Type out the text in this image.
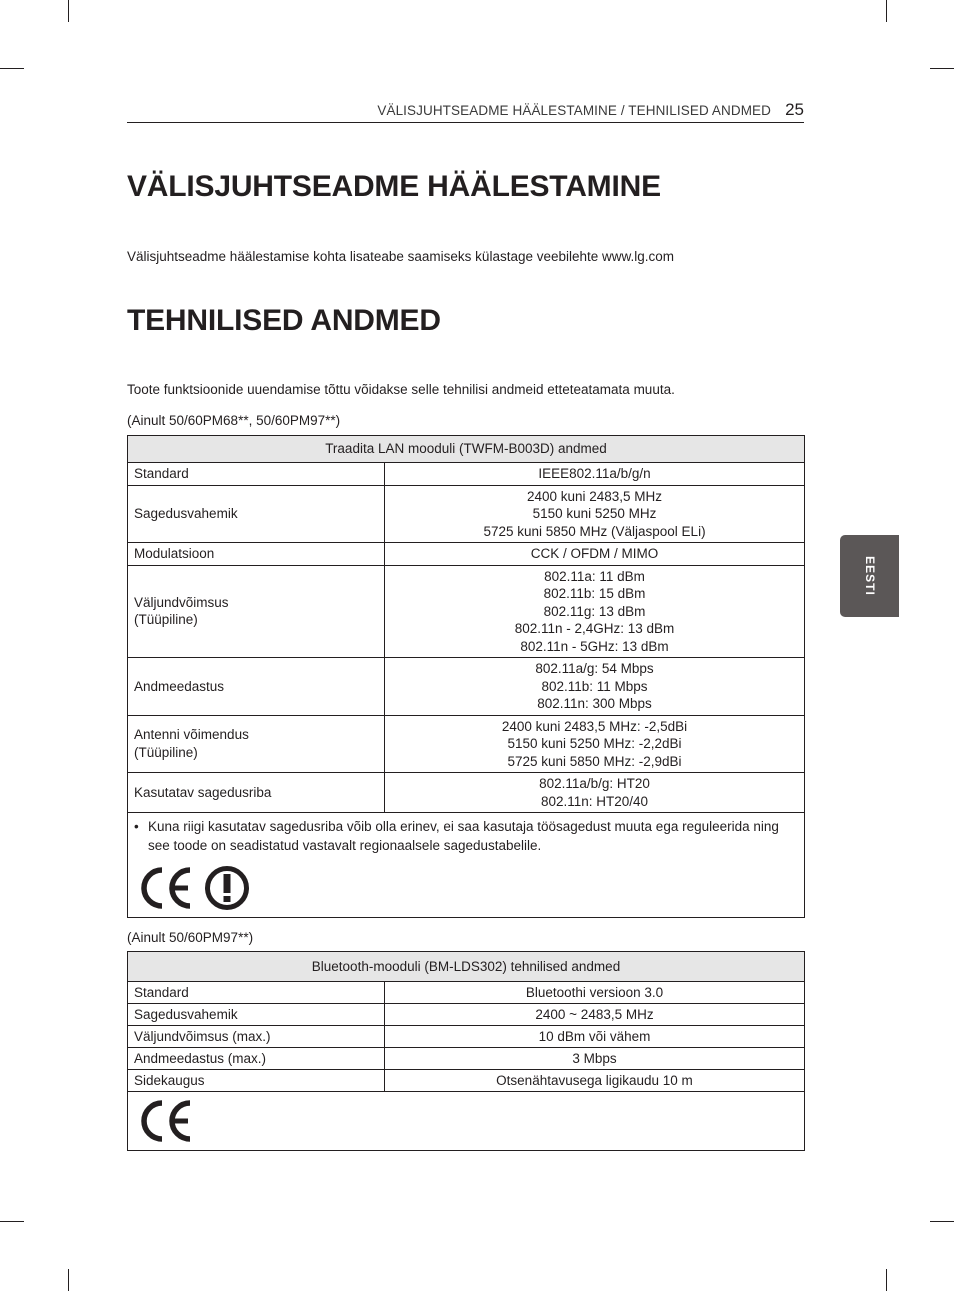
VÄLISJUHTSEADME HÄÄLESTAMINE / TEHNILISED ANDMED 25
EESTI
VÄLISJUHTSEADME HÄÄLESTAMINE

Välisjuhtseadme häälestamise kohta lisateabe saamiseks külastage veebilehte www.lg.com

TEHNILISED ANDMED

Toote funktsioonide uuendamise tõttu võidakse selle tehnilisi andmeid etteteatamata muuta.

(Ainult 50/60PM68**, 50/60PM97**)

Traadita LAN mooduli (TWFM-B003D) andmed	

Standard	IEEE802.11a/b/g/n

Sagedusvahemik	2400 kuni 2483,5 MHz
5150 kuni 5250 MHz
5725 kuni 5850 MHz (Väljaspool ELi)

Modulatsioon	CCK / OFDM / MIMO

Väljundvõimsus
(Tüüpiline)	802.11a: 11 dBm
802.11b: 15 dBm
802.11g: 13 dBm
802.11n - 2,4GHz: 13 dBm
802.11n - 5GHz: 13 dBm

Andmeedastus	802.11a/g: 54 Mbps
802.11b: 11 Mbps
802.11n: 300 Mbps

Antenni võimendus
(Tüüpiline)	2400 kuni 2483,5 MHz: -2,5dBi
5150 kuni 5250 MHz: -2,2dBi
5725 kuni 5850 MHz: -2,9dBi

Kasutatav sagedusriba	802.11a/b/g: HT20
802.11n: HT20/40

• Kuna riigi kasutatav sagedusriba võib olla erinev, ei saa kasutaja töösagedust muuta ega reguleerida ning see toode on seadistatud vastavalt regionaalsele sagedustabelile.	

(Ainult 50/60PM97**)

Bluetooth-mooduli (BM-LDS302) tehnilised andmed	

Standard	Bluetoothi versioon 3.0

Sagedusvahemik	2400 ~ 2483,5 MHz

Väljundvõimsus (max.)	10 dBm või vähem

Andmeedastus (max.)	3 Mbps

Sidekaugus	Otsenähtavusega ligikaudu 10 m
